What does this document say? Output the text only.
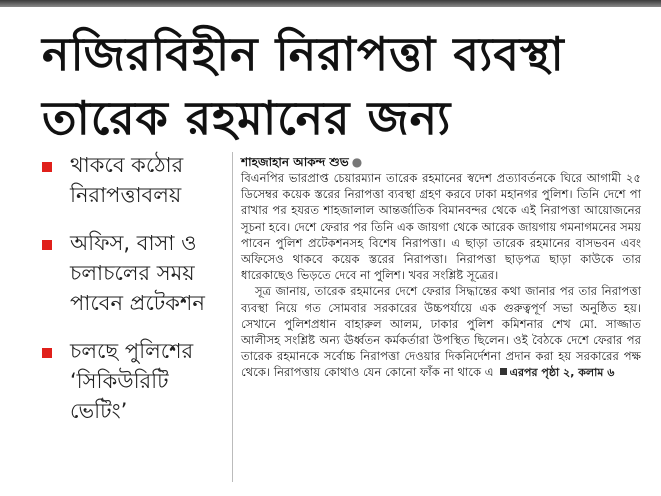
নজিরবিহীন নিরাপত্তা ব্যবস্থা
তারেক রহমানের জন্য
থাকবে কঠোর নিরাপত্তাবলয়
অফিস, বাসা ও চলাচলের সময় পাবেন প্রটেকশন
চলছে পুলিশের ‘সিকিউরিটি ভেটিং’
শাহজাহান আকন্দ শুভ ●

বিএনপির ভারপ্রাপ্ত চেয়ারম্যান তারেক রহমানের স্বদেশ প্রত্যাবর্তনকে ঘিরে আগামী ২৫ ডিসেম্বর কয়েক স্তরের নিরাপত্তা ব্যবস্থা গ্রহণ করবে ঢাকা মহানগর পুলিশ। তিনি দেশে পা রাখার পর হযরত শাহজালাল আন্তর্জাতিক বিমানবন্দর থেকে এই নিরাপত্তা আয়োজনের সূচনা হবে। দেশে ফেরার পর তিনি এক জায়গা থেকে আরেক জায়গায় গমনাগমনের সময় পাবেন পুলিশ প্রটেকশনসহ বিশেষ নিরাপত্তা। এ ছাড়া তারেক রহমানের বাসভবন এবং অফিসেও থাকবে কয়েক স্তরের নিরাপত্তা। নিরাপত্তা ছাড়পত্র ছাড়া কাউকে তার ধারেকাছেও ভিড়তে দেবে না পুলিশ। খবর সংশ্লিষ্ট সূত্রের।

সূত্র জানায়, তারেক রহমানের দেশে ফেরার সিদ্ধান্তের কথা জানার পর তার নিরাপত্তা ব্যবস্থা নিয়ে গত সোমবার সরকারের উচ্চপর্যায়ে এক গুরুত্বপূর্ণ সভা অনুষ্ঠিত হয়। সেখানে পুলিশপ্রধান বাহারুল আলম, ঢাকার পুলিশ কমিশনার শেখ মো. সাজ্জাত আলীসহ সংশ্লিষ্ট অন্য ঊর্ধ্বতন কর্মকর্তারা উপস্থিত ছিলেন। ওই বৈঠকে দেশে ফেরার পর তারেক রহমানকে সর্বোচ্চ নিরাপত্তা দেওয়ার দিকনির্দেশনা প্রদান করা হয় সরকারের পক্ষ থেকে। নিরাপত্তায় কোথাও যেন কোনো ফাঁক না থাকে এ এরপর পৃষ্ঠা ২, কলাম ৬
